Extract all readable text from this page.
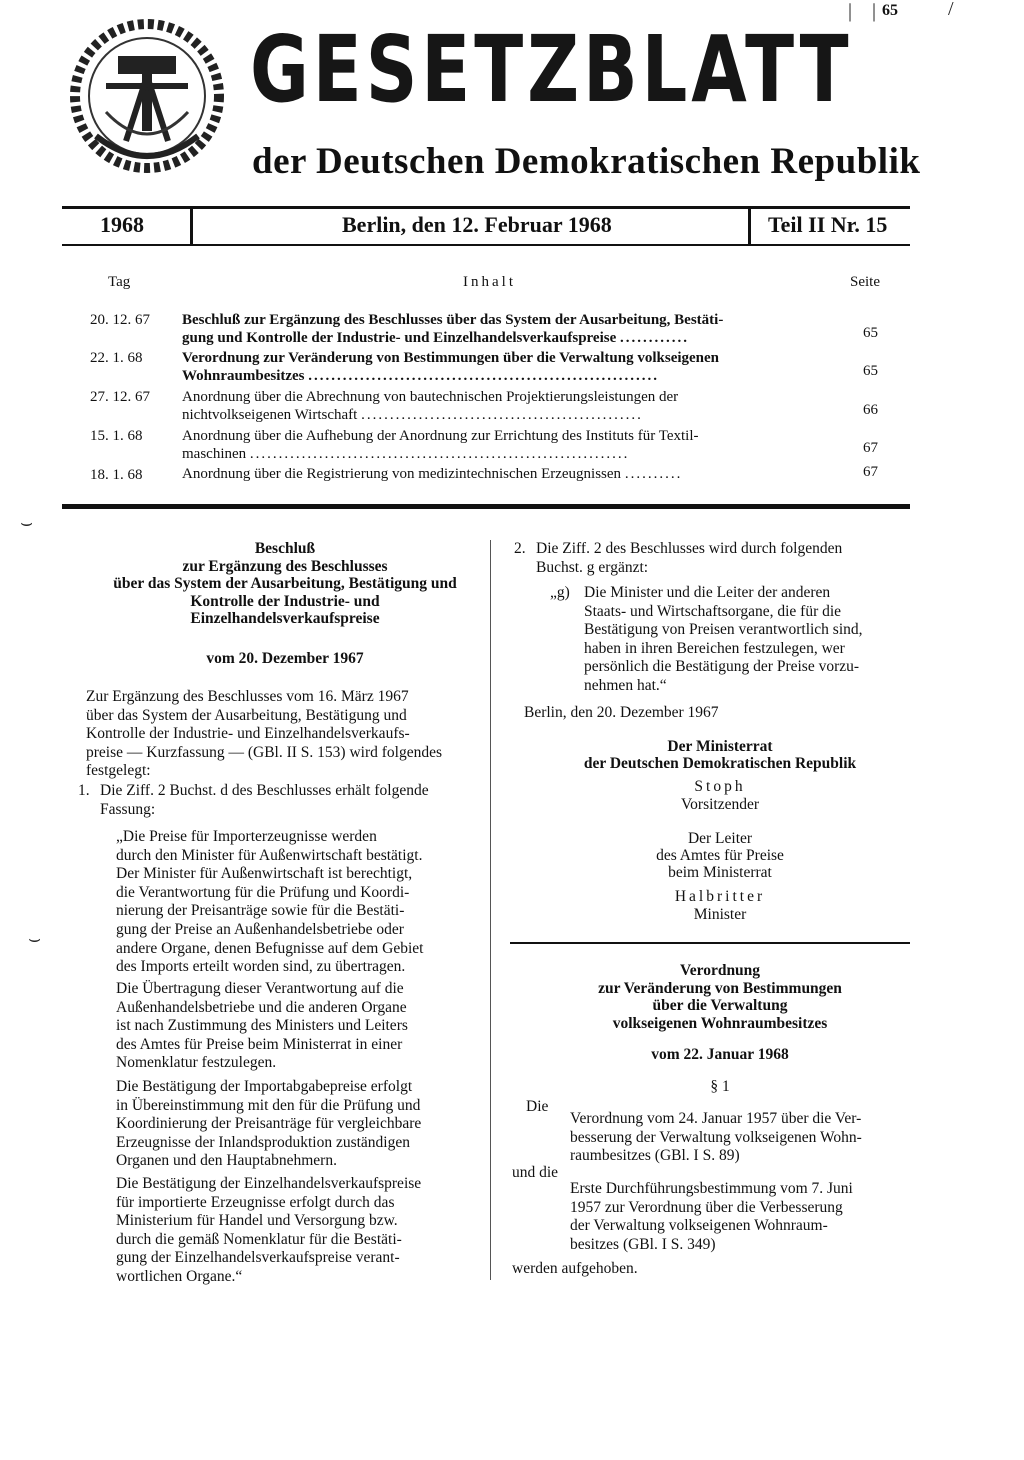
GESETZBLATT
der Deutschen Demokratischen Republik
65
|    |	/
1968	Berlin, den 12. Februar 1968	Teil II Nr. 15
Tag	Inhalt	Seite
20. 12. 67 Beschluß zur Ergänzung des Beschlusses über das System der Ausarbeitung, Bestäti-
gung und Kontrolle der Industrie- und Einzelhandelsverkaufspreise ............	65
22. 1. 68	Verordnung zur Veränderung von Bestimmungen über die Verwaltung volkseigenen
Wohnraumbesitzes .............................................................	65
27. 12. 67 Anordnung über die Abrechnung von bautechnischen Projektierungsleistungen der
nichtvolkseigenen Wirtschaft .................................................	66
15. 1. 68	Anordnung über die Aufhebung der Anordnung zur Errichtung des Instituts für Textil-
maschinen ..................................................................	67
18. 1. 68	Anordnung über die Registrierung von medizintechnischen Erzeugnissen ..........	67
⌣
⌣
Beschluß
zur Ergänzung des Beschlusses
über das System der Ausarbeitung, Bestätigung und
Kontrolle der Industrie- und
Einzelhandelsverkaufspreise
vom 20. Dezember 1967
Zur Ergänzung des Beschlusses vom 16. März 1967
über das System der Ausarbeitung, Bestätigung und
Kontrolle der Industrie- und Einzelhandelsverkaufs-
preise — Kurzfassung — (GBl. II S. 153) wird folgendes
festgelegt:
1. Die Ziff. 2 Buchst. d des Beschlusses erhält folgende
Fassung:
„Die Preise für Importerzeugnisse werden
durch den Minister für Außenwirtschaft bestätigt.
Der Minister für Außenwirtschaft ist berechtigt,
die Verantwortung für die Prüfung und Koordi-
nierung der Preisanträge sowie für die Bestäti-
gung der Preise an Außenhandelsbetriebe oder
andere Organe, denen Befugnisse auf dem Gebiet
des Imports erteilt worden sind, zu übertragen.
Die Übertragung dieser Verantwortung auf die
Außenhandelsbetriebe und die anderen Organe
ist nach Zustimmung des Ministers und Leiters
des Amtes für Preise beim Ministerrat in einer
Nomenklatur festzulegen.
Die Bestätigung der Importabgabepreise erfolgt
in Übereinstimmung mit den für die Prüfung und
Koordinierung der Preisanträge für vergleichbare
Erzeugnisse der Inlandsproduktion zuständigen
Organen und den Hauptabnehmern.
Die Bestätigung der Einzelhandelsverkaufspreise
für importierte Erzeugnisse erfolgt durch das
Ministerium für Handel und Versorgung bzw.
durch die gemäß Nomenklatur für die Bestäti-
gung der Einzelhandelsverkaufspreise verant-
wortlichen Organe.“
2. Die Ziff. 2 des Beschlusses wird durch folgenden
Buchst. g ergänzt:
„g) Die Minister und die Leiter der anderen
Staats- und Wirtschaftsorgane, die für die
Bestätigung von Preisen verantwortlich sind,
haben in ihren Bereichen festzulegen, wer
persönlich die Bestätigung der Preise vorzu-
nehmen hat.“
Berlin, den 20. Dezember 1967
Der Ministerrat
der Deutschen Demokratischen Republik
Stoph
Vorsitzender
Der Leiter
des Amtes für Preise
beim Ministerrat
Halbritter
Minister
Verordnung
zur Veränderung von Bestimmungen
über die Verwaltung
volkseigenen Wohnraumbesitzes
vom 22. Januar 1968
§ 1
Die
Verordnung vom 24. Januar 1957 über die Ver-
besserung der Verwaltung volkseigenen Wohn-
raumbesitzes (GBl. I S. 89)
und die
Erste Durchführungsbestimmung vom 7. Juni
1957 zur Verordnung über die Verbesserung
der Verwaltung volkseigenen Wohnraum-
besitzes (GBl. I S. 349)
werden aufgehoben.
